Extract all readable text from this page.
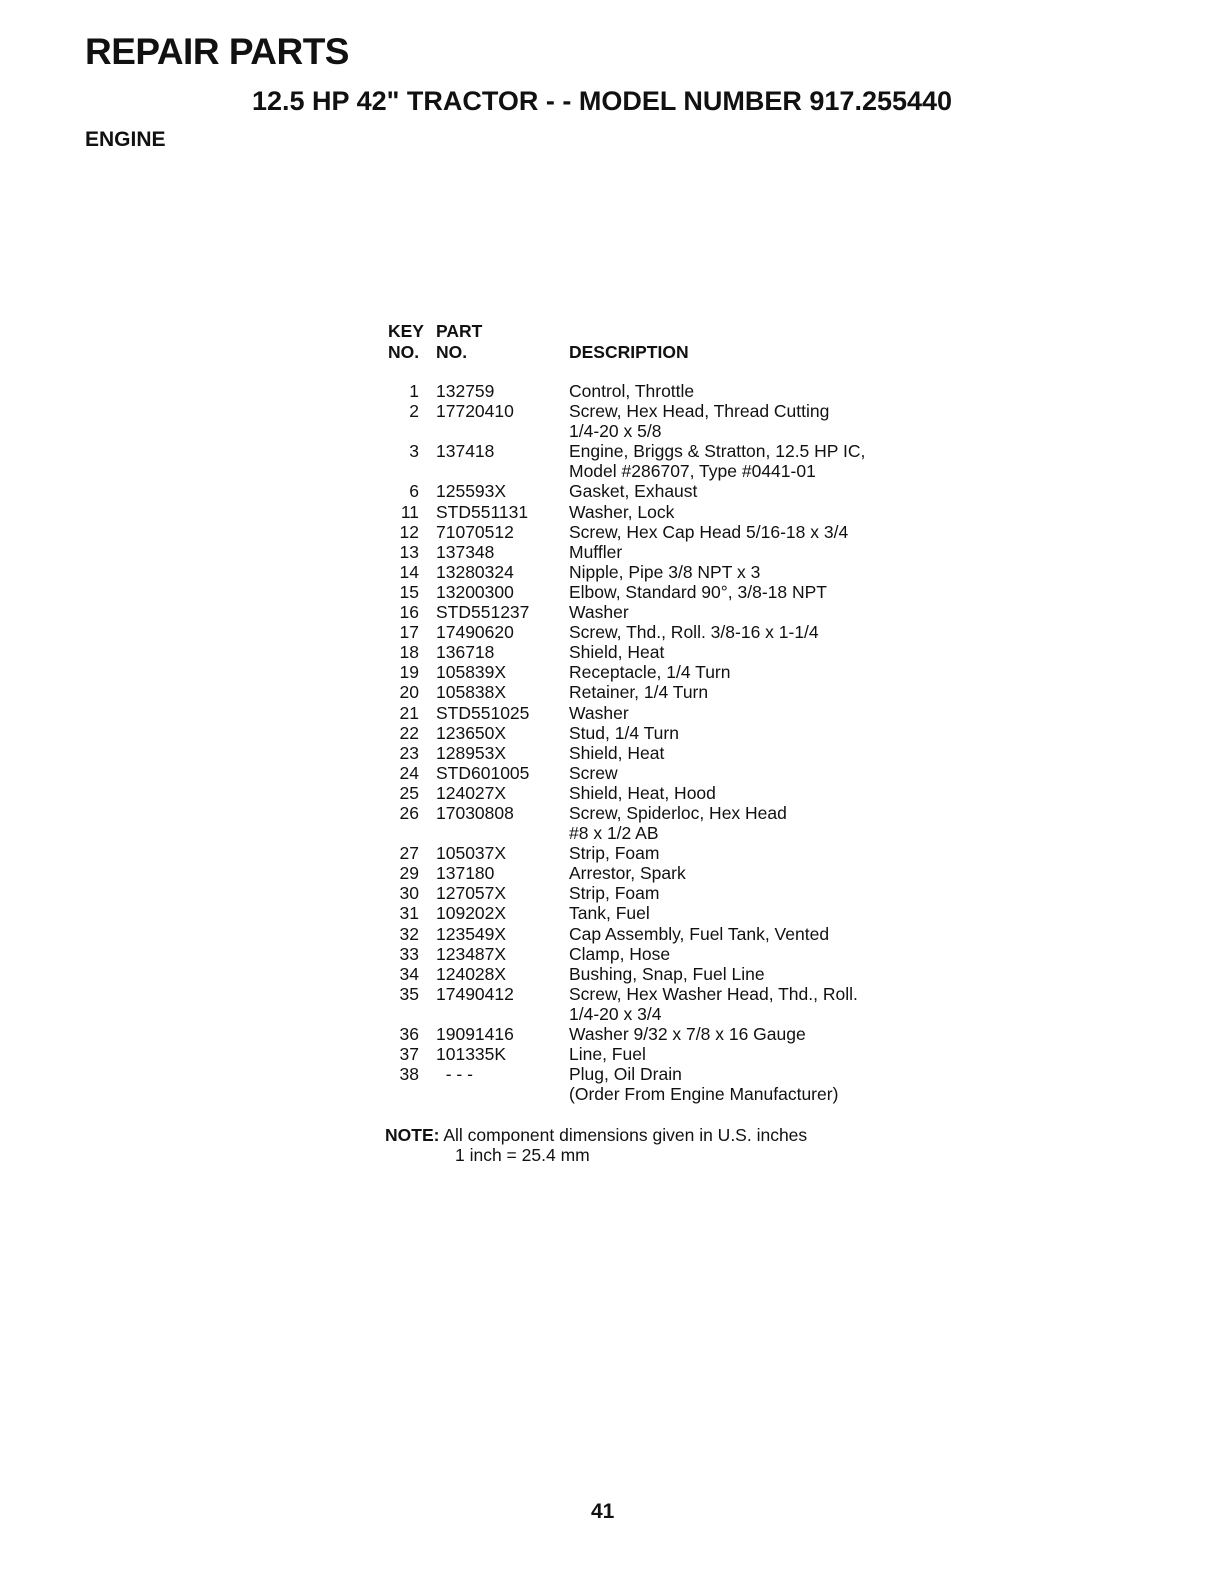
REPAIR PARTS
12.5 HP 42" TRACTOR - - MODEL NUMBER 917.255440
ENGINE
KEY
NO.
PART
NO.	DESCRIPTION
1 132759	Control, Throttle
2 17720410	Screw, Hex Head, Thread Cutting
1/4-20 x 5/8
3 137418	Engine, Briggs & Stratton, 12.5 HP IC,
Model #286707, Type #0441-01
6 125593X	Gasket, Exhaust
11 STD551131	Washer, Lock
12 71070512	Screw, Hex Cap Head 5/16-18 x 3/4
13 137348	Muffler
14 13280324	Nipple, Pipe 3/8 NPT x 3
15 13200300	Elbow, Standard 90°, 3/8-18 NPT
16 STD551237	Washer
17 17490620	Screw, Thd., Roll. 3/8-16 x 1-1/4
18 136718	Shield, Heat
19 105839X	Receptacle, 1/4 Turn
20 105838X	Retainer, 1/4 Turn
21 STD551025	Washer
22 123650X	Stud, 1/4 Turn
23 128953X	Shield, Heat
24 STD601005	Screw
25 124027X	Shield, Heat, Hood
26 17030808	Screw, Spiderloc, Hex Head
#8 x 1/2 AB
27 105037X	Strip, Foam
29 137180	Arrestor, Spark
30 127057X	Strip, Foam
31 109202X	Tank, Fuel
32 123549X	Cap Assembly, Fuel Tank, Vented
33 123487X	Clamp, Hose
34 124028X	Bushing, Snap, Fuel Line
35 17490412	Screw, Hex Washer Head, Thd., Roll.
1/4-20 x 3/4
36 19091416	Washer 9/32 x 7/8 x 16 Gauge
37 101335K	Line, Fuel
38 - - -	Plug, Oil Drain
(Order From Engine Manufacturer)
NOTE: All component dimensions given in U.S. inches
1 inch = 25.4 mm
41
